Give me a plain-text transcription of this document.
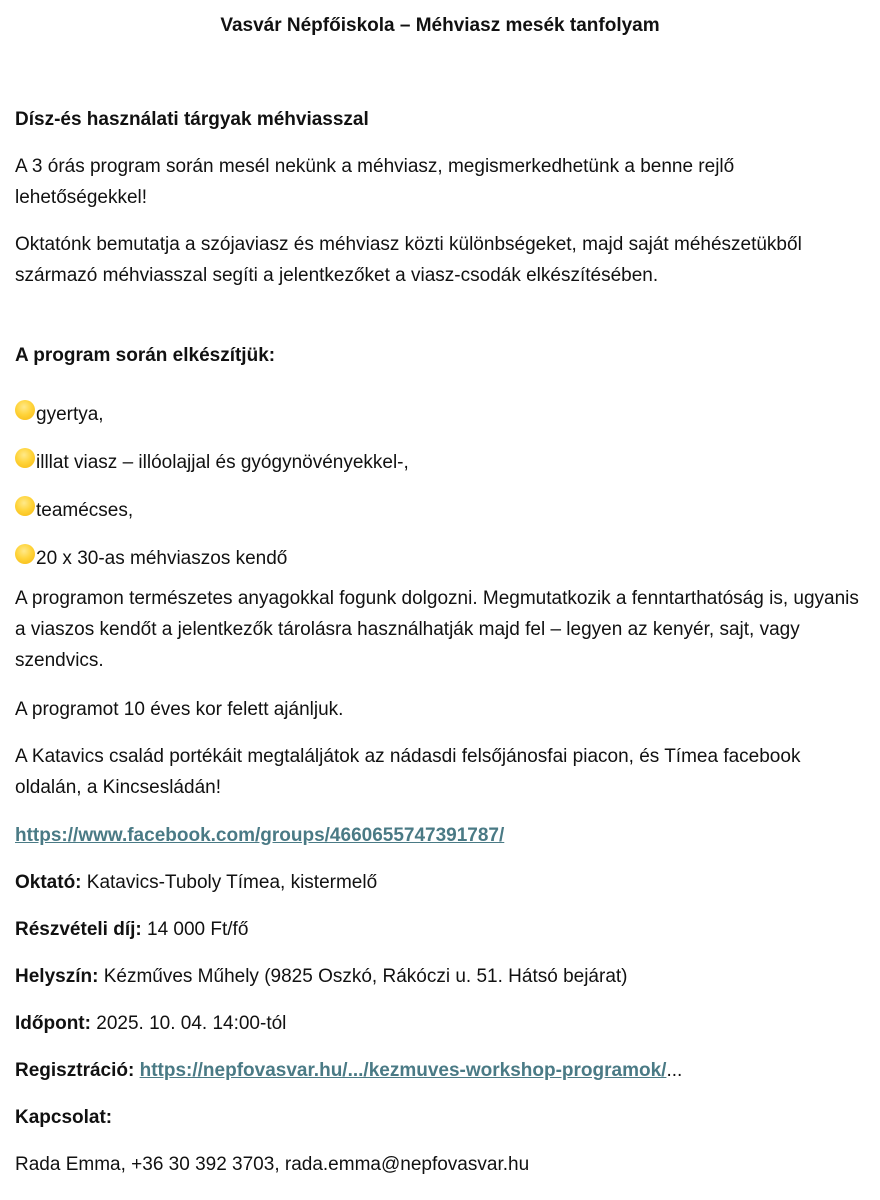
Vasvár Népfőiskola – Méhviasz mesék tanfolyam
Dísz-és használati tárgyak méhviasszal

A 3 órás program során mesél nekünk a méhviasz, megismerkedhetünk a benne rejlő lehetőségekkel!

Oktatónk bemutatja a szójaviasz és méhviasz közti különbségeket, majd saját méhészetükből származó méhviasszal segíti a jelentkezőket a viasz-csodák elkészítésében.

A program során elkészítjük:

gyertya,
illlat viasz – illóolajjal és gyógynövényekkel-,
teamécses,
20 x 30-as méhviaszos kendő

A programon természetes anyagokkal fogunk dolgozni. Megmutatkozik a fenntarthatóság is, ugyanis a viaszos kendőt a jelentkezők tárolásra használhatják majd fel – legyen az kenyér, sajt, vagy szendvics.

A programot 10 éves kor felett ajánljuk.

A Katavics család portékáit megtaláljátok az nádasdi felsőjánosfai piacon, és Tímea facebook oldalán, a Kincsesládán!

https://www.facebook.com/groups/4660655747391787/

Oktató: Katavics-Tuboly Tímea, kistermelő

Részvételi díj: 14 000 Ft/fő

Helyszín: Kézműves Műhely (9825 Oszkó, Rákóczi u. 51. Hátsó bejárat)

Időpont: 2025. 10. 04. 14:00-tól

Regisztráció: https://nepfovasvar.hu/.../kezmuves-workshop-programok/...

Kapcsolat:

Rada Emma, +36 30 392 3703, rada.emma@nepfovasvar.hu
